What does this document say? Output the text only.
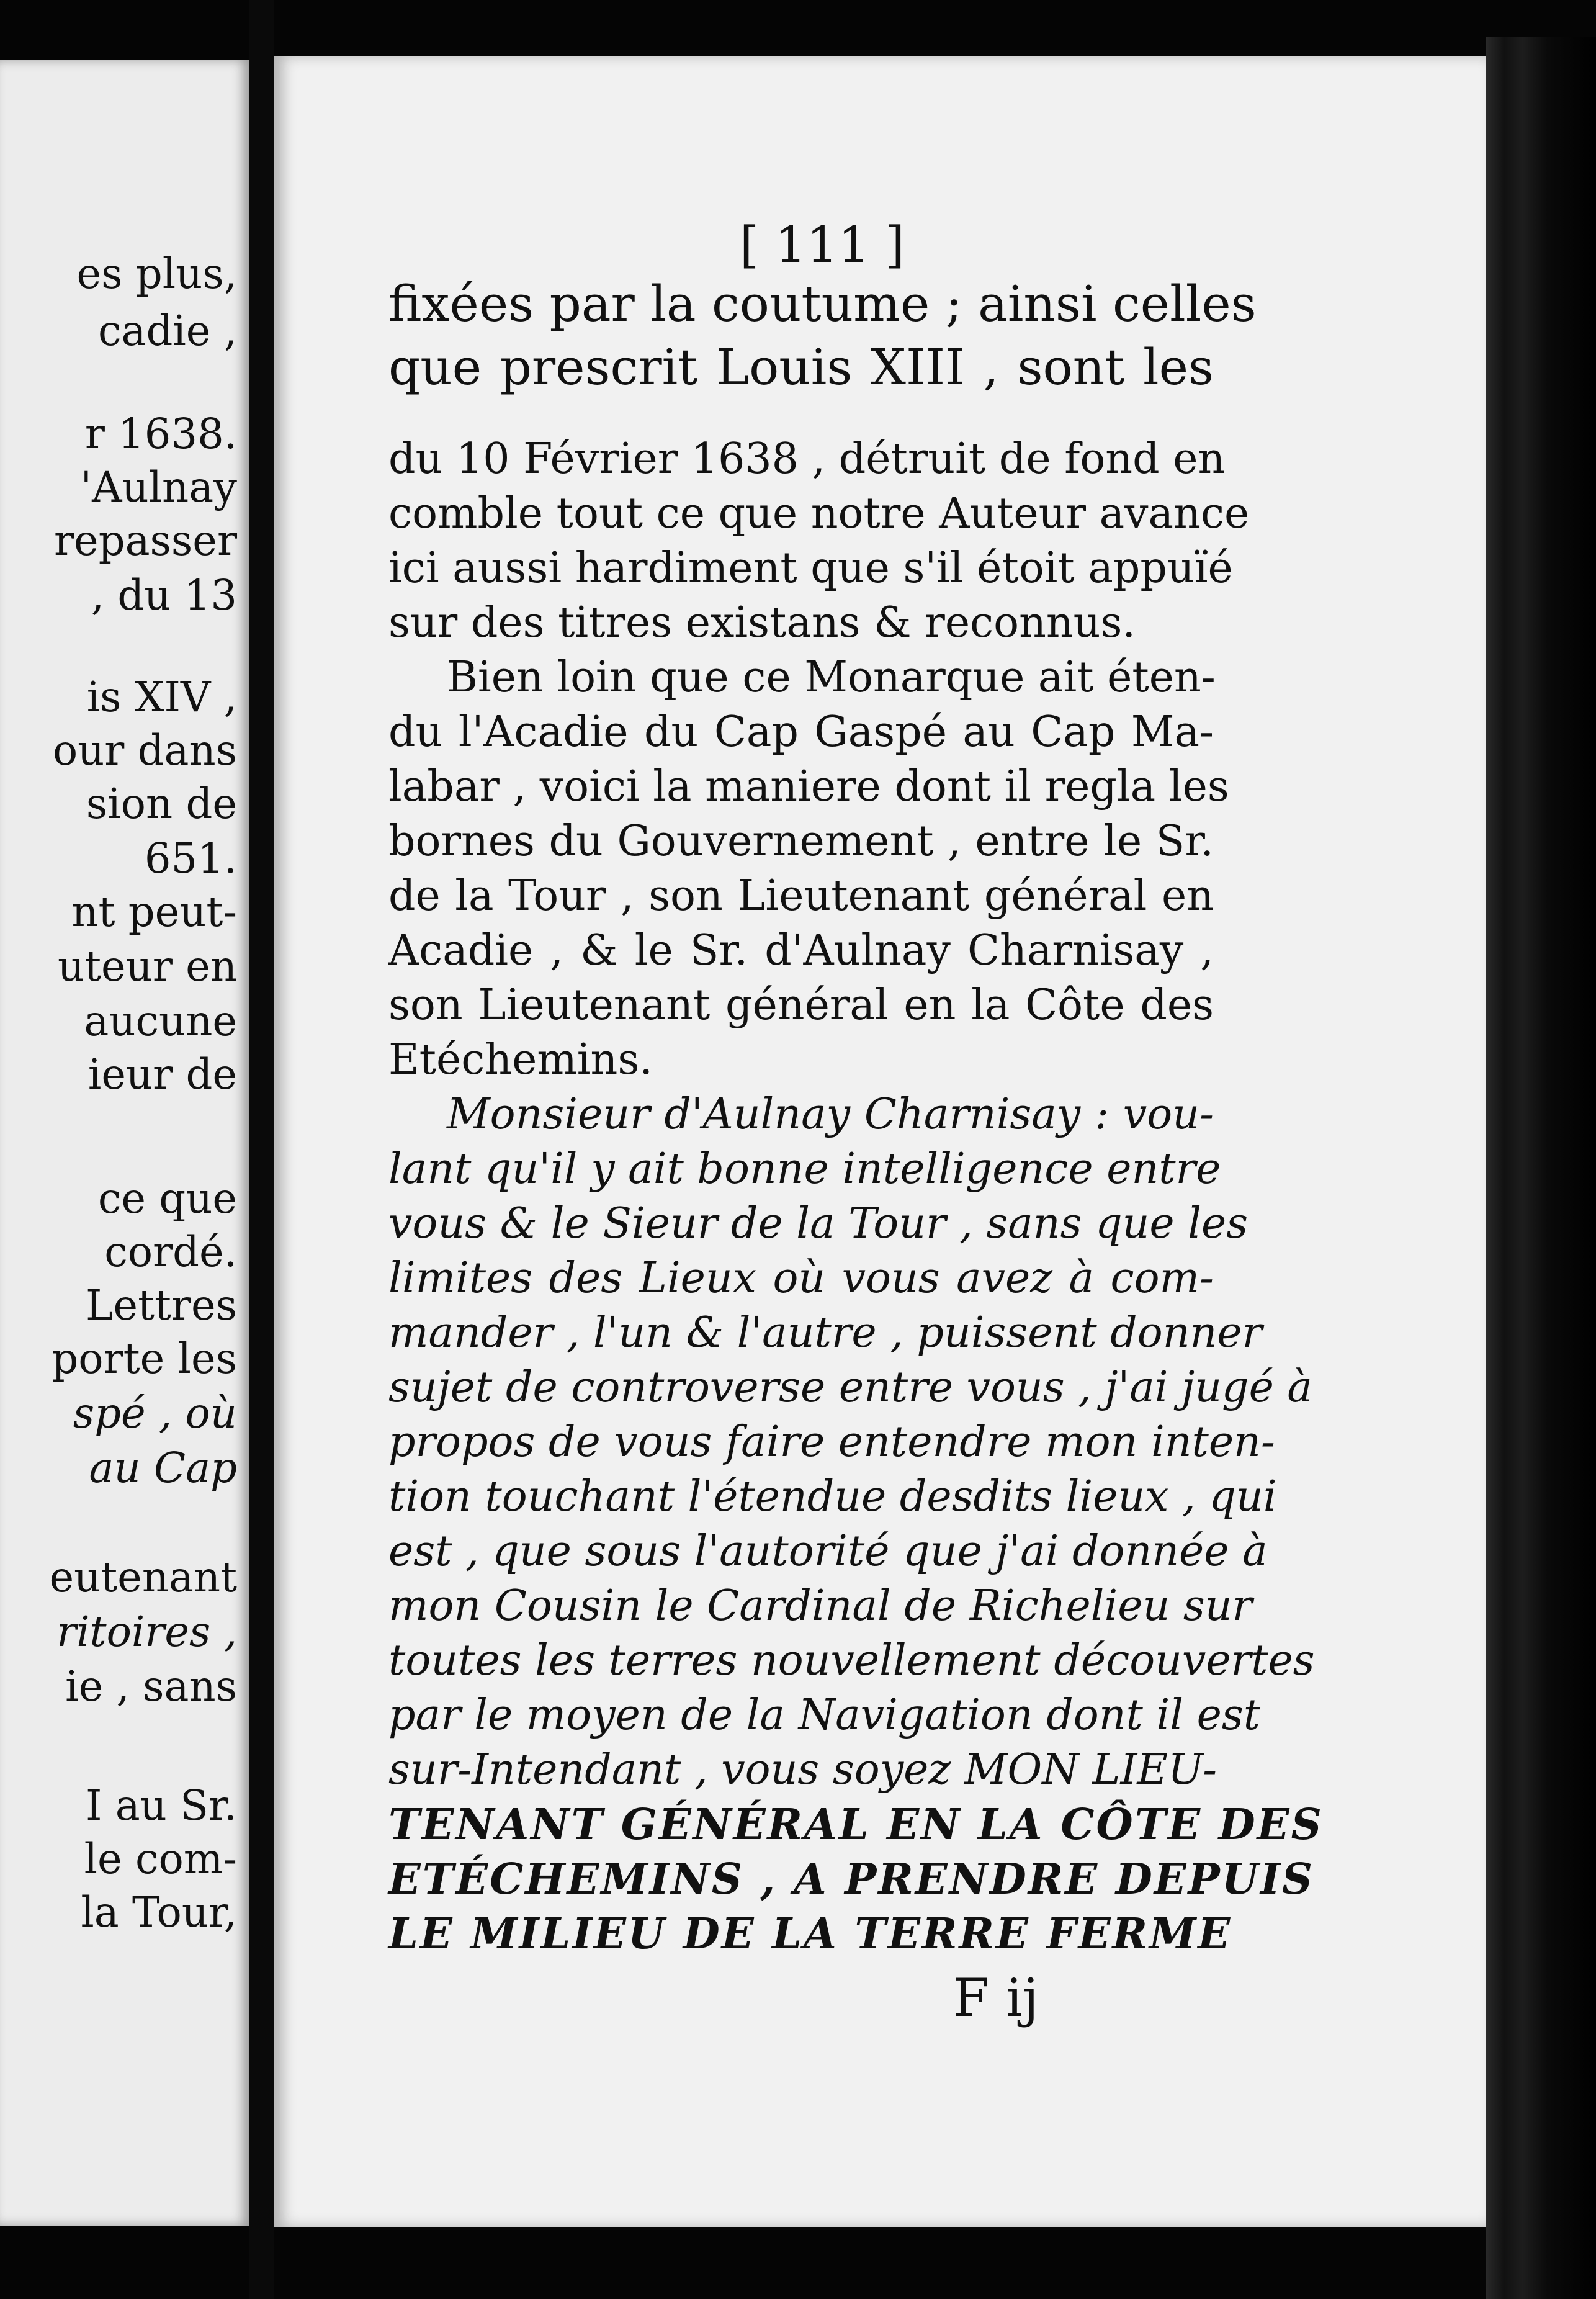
es plus,
cadie ,
r 1638.
'Aulnay
repasser
, du 13
is XIV ,
our dans
sion de
651.
nt peut-
uteur en
aucune
ieur de
ce que
cordé.
Lettres
porte les
spé , où
au Cap
eutenant
ritoires ,
ie , sans
I au Sr.
le com-
la Tour,
[ 111 ]
fixées par la coutume ; ainsi celles
que prescrit Louis XIII , sont les
du 10 Février 1638 , détruit de fond en
comble tout ce que notre Auteur avance
ici aussi hardiment que s'il étoit appuïé
sur des titres existans & reconnus.
Bien loin que ce Monarque ait éten-
du l'Acadie du Cap Gaspé au Cap Ma-
labar , voici la maniere dont il regla les
bornes du Gouvernement , entre le Sr.
de la Tour , son Lieutenant général en
Acadie , & le Sr. d'Aulnay Charnisay ,
son Lieutenant général en la Côte des
Etéchemins.
Monsieur d'Aulnay Charnisay : vou-
lant qu'il y ait bonne intelligence entre
vous & le Sieur de la Tour , sans que les
limites des Lieux où vous avez à com-
mander , l'un & l'autre , puissent donner
sujet de controverse entre vous , j'ai jugé à
propos de vous faire entendre mon inten-
tion touchant l'étendue desdits lieux , qui
est , que sous l'autorité que j'ai donnée à
mon Cousin le Cardinal de Richelieu sur
toutes les terres nouvellement découvertes
par le moyen de la Navigation dont il est
sur-Intendant , vous soyez MON LIEU-
TENANT GÉNÉRAL EN LA CÔTE DES
ETÉCHEMINS , A PRENDRE DEPUIS
LE MILIEU DE LA TERRE FERME
F ij
